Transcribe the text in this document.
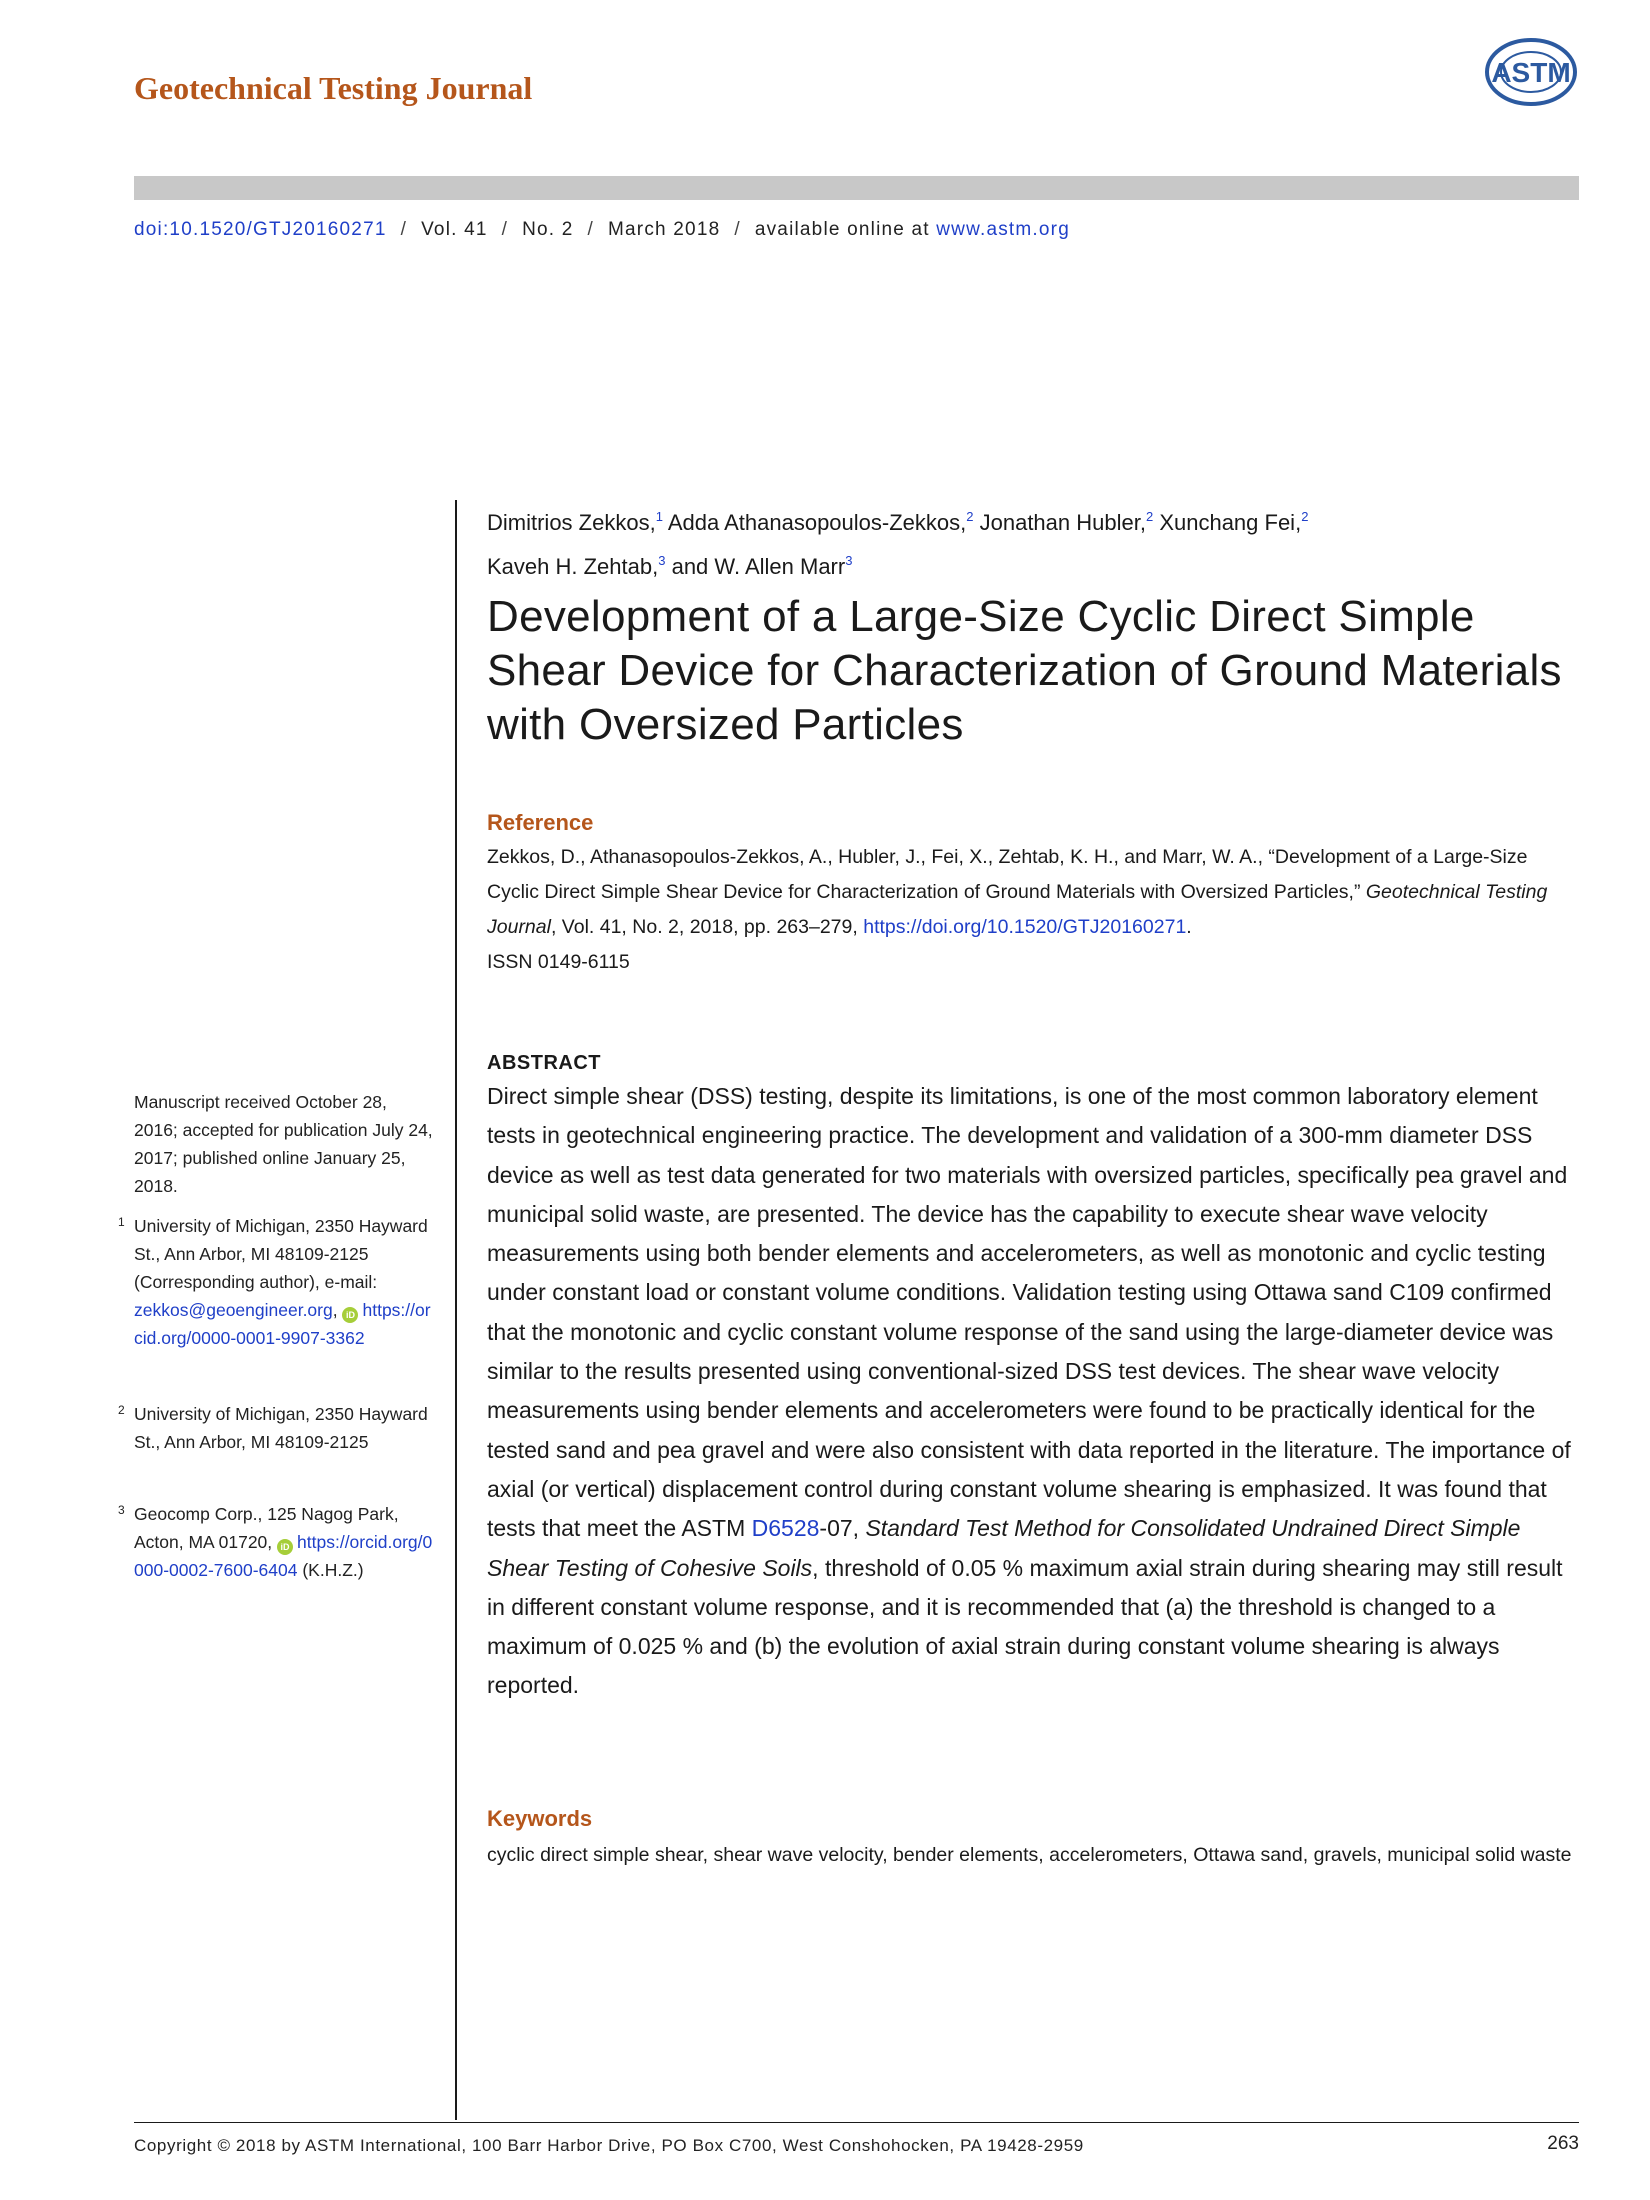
Geotechnical Testing Journal	ASTM
doi:10.1520/GTJ20160271 / Vol. 41 / No. 2 / March 2018 / available online at www.astm.org
Manuscript received October 28, 2016; accepted for publication July 24, 2017; published online January 25, 2018.
1 University of Michigan, 2350 Hayward St., Ann Arbor, MI 48109-2125 (Corresponding author), e-mail: zekkos@geoengineer.org, iD https://orcid.org/0000-0001-9907-3362
2 University of Michigan, 2350 Hayward St., Ann Arbor, MI 48109-2125
3 Geocomp Corp., 125 Nagog Park, Acton, MA 01720, iD https://orcid.org/0000-0002-7600-6404 (K.H.Z.)
Dimitrios Zekkos,$^1$ Adda Athanasopoulos-Zekkos,$^2$ Jonathan Hubler,$^2$ Xunchang Fei,$^2$
Kaveh H. Zehtab,$^3$ and W. Allen Marr$^3$
Development of a Large-Size Cyclic Direct Simple Shear Device for Characterization of Ground Materials with Oversized Particles
Reference
Zekkos, D., Athanasopoulos-Zekkos, A., Hubler, J., Fei, X., Zehtab, K. H., and Marr, W. A., “Development of a Large-Size Cyclic Direct Simple Shear Device for Characterization of Ground Materials with Oversized Particles,” Geotechnical Testing Journal, Vol. 41, No. 2, 2018, pp. 263–279, https://doi.org/10.1520/GTJ20160271.
ISSN 0149-6115
ABSTRACT
Direct simple shear (DSS) testing, despite its limitations, is one of the most common laboratory element tests in geotechnical engineering practice. The development and validation of a 300-mm diameter DSS device as well as test data generated for two materials with oversized particles, specifically pea gravel and municipal solid waste, are presented. The device has the capability to execute shear wave velocity measurements using both bender elements and accelerometers, as well as monotonic and cyclic testing under constant load or constant volume conditions. Validation testing using Ottawa sand C109 confirmed that the monotonic and cyclic constant volume response of the sand using the large-diameter device was similar to the results presented using conventional-sized DSS test devices. The shear wave velocity measurements using bender elements and accelerometers were found to be practically identical for the tested sand and pea gravel and were also consistent with data reported in the literature. The importance of axial (or vertical) displacement control during constant volume shearing is emphasized. It was found that tests that meet the ASTM D6528-07, Standard Test Method for Consolidated Undrained Direct Simple Shear Testing of Cohesive Soils, threshold of 0.05 % maximum axial strain during shearing may still result in different constant volume response, and it is recommended that (a) the threshold is changed to a maximum of 0.025 % and (b) the evolution of axial strain during constant volume shearing is always reported.
Keywords
cyclic direct simple shear, shear wave velocity, bender elements, accelerometers, Ottawa sand, gravels, municipal solid waste
Copyright © 2018 by ASTM International, 100 Barr Harbor Drive, PO Box C700, West Conshohocken, PA 19428-2959	263
